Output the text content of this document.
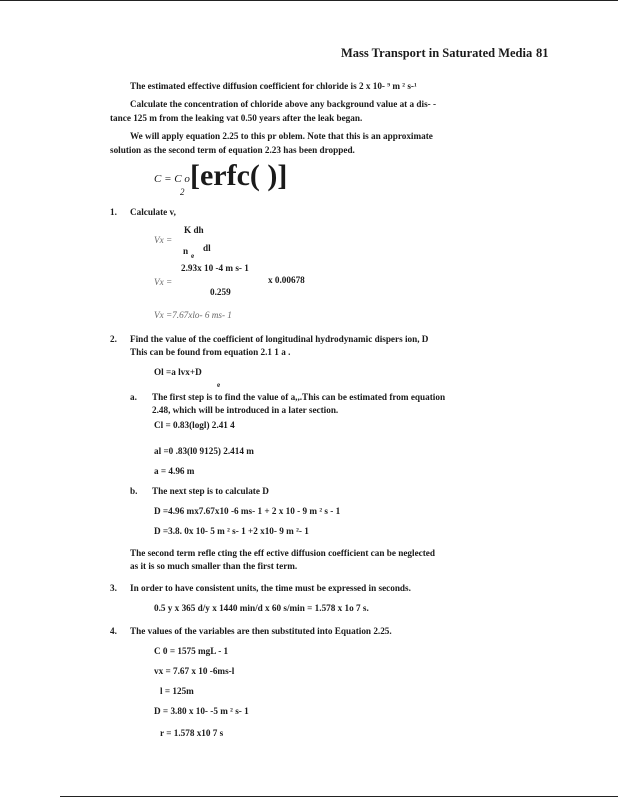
Mass Transport in Saturated Media 81
The estimated effective diffusion coefficient for chloride is 2 x 10- ⁹ m ² s-¹
Calculate the concentration of chloride above any background value at a dis- -
tance 125 m from the leaking vat 0.50 years after the leak began.
We will apply equation 2.25 to this pr oblem. Note that this is an approximate
solution as the second term of equation 2.23 has been dropped.
C = C o [erfc( )]
2
1. Calculate v,
K dh
Vx =
n e
dl
Vx =
2.93x 10 -4 m s- 1
x 0.00678
0.259
Vx =7.67xlo- 6 ms- 1
2. Find the value of the coefficient of longitudinal hydrodynamic dispers ion, D
This can be found from equation 2.1 1 a .
Ol =a lvx+D
e
a. The first step is to find the value of a,,.This can be estimated from equation
2.48, which will be introduced in a later section.
Cl = 0.83(logl) 2.41 4
al =0 .83(l0 9125) 2.414 m
a = 4.96 m
b. The next step is to calculate D
D =4.96 mx7.67x10 -6 ms- 1 + 2 x 10 - 9 m ² s - 1
D =3.8. 0x 10- 5 m ² s- 1 +2 x10- 9 m ²- 1
The second term refle cting the eff ective diffusion coefficient can be neglected
as it is so much smaller than the first term.
3. In order to have consistent units, the time must be expressed in seconds.
0.5 y x 365 d/y x 1440 min/d x 60 s/min = 1.578 x 1o 7 s.
4. The values of the variables are then substituted into Equation 2.25.
C 0 = 1575 mgL - 1
vx = 7.67 x 10 -6ms-l
l = 125m
D = 3.80 x 10- -5 m ² s- 1
r = 1.578 x10 7 s
